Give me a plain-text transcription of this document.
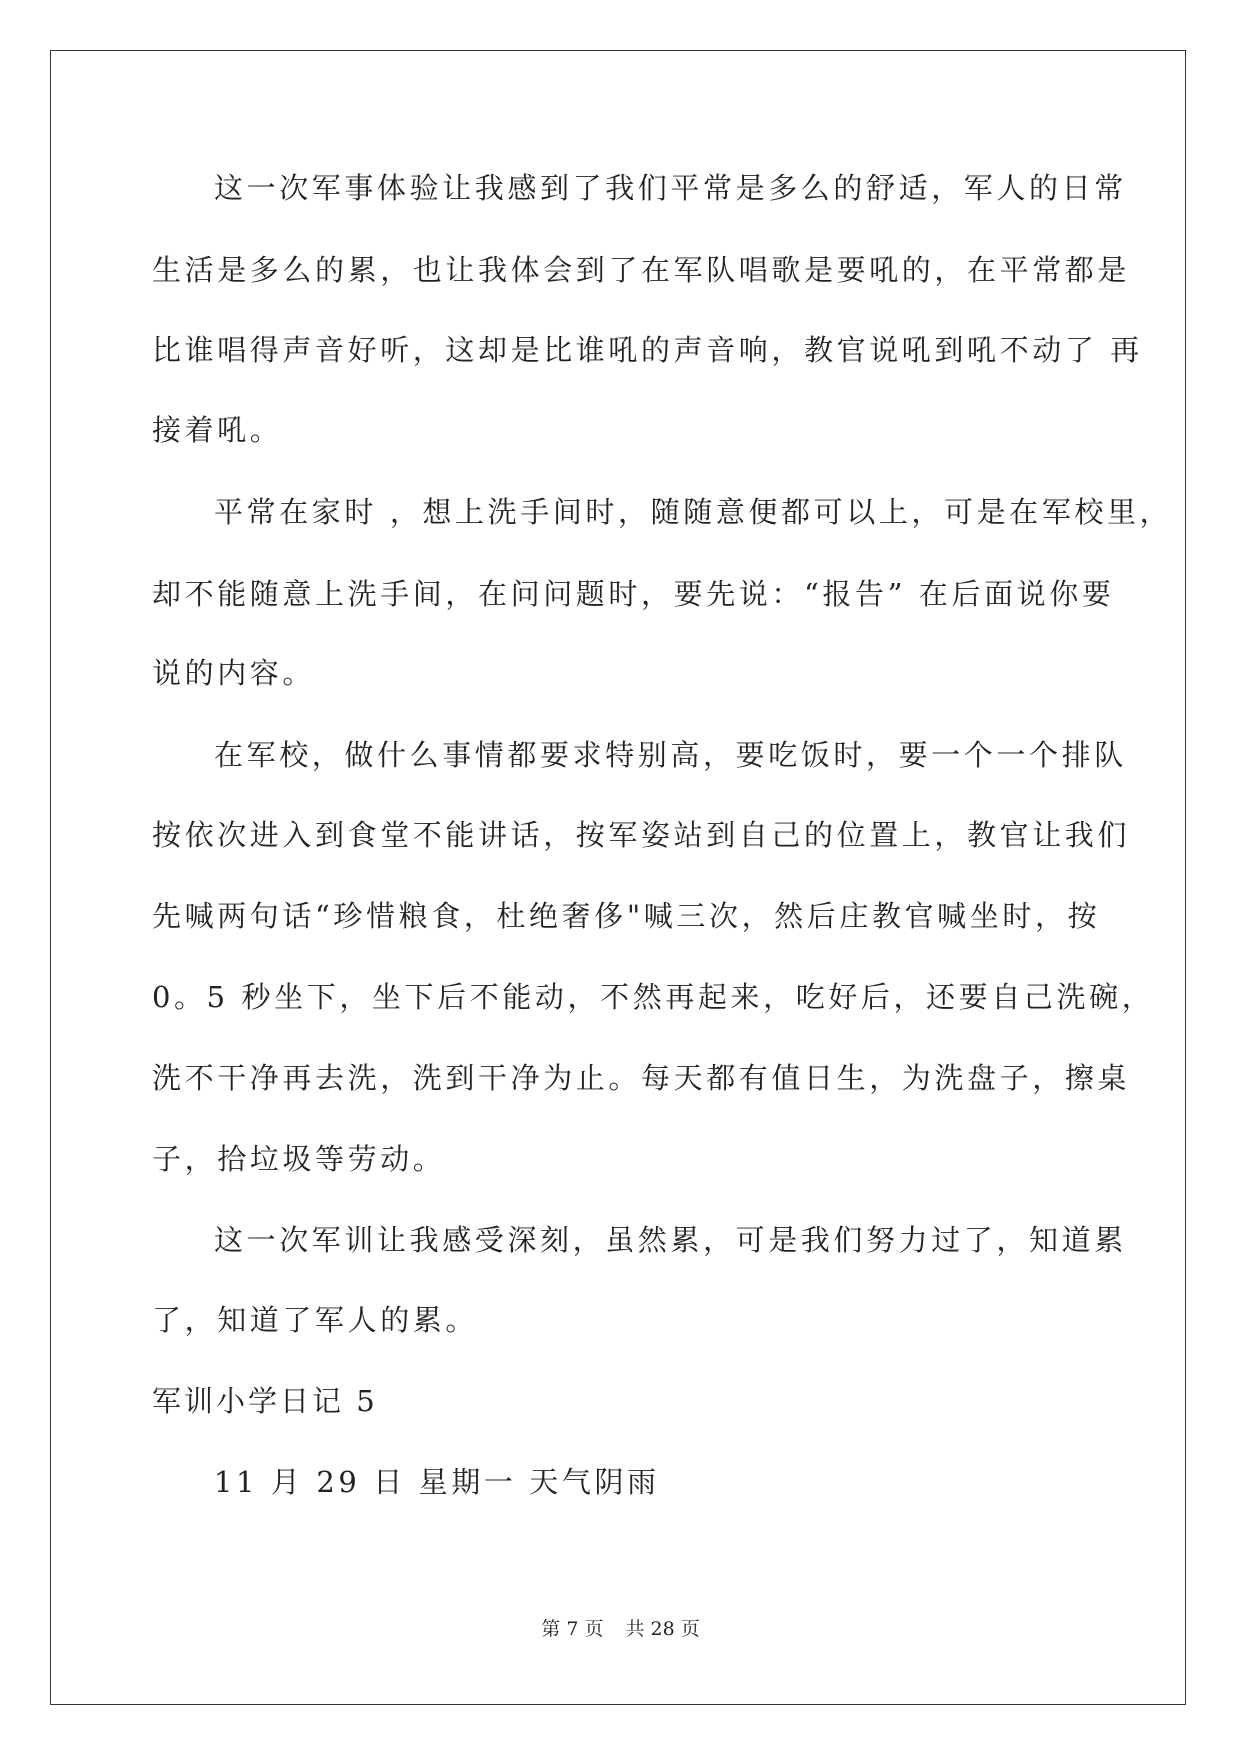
这一次军事体验让我感到了我们平常是多么的舒适，军人的日常
生活是多么的累，也让我体会到了在军队唱歌是要吼的，在平常都是
比谁唱得声音好听，这却是比谁吼的声音响，教官说吼到吼不动了 再
接着吼。
平常在家时 ，想上洗手间时，随随意便都可以上，可是在军校里，
却不能随意上洗手间，在问问题时，要先说：“报告” 在后面说你要
说的内容。
在军校，做什么事情都要求特别高，要吃饭时，要一个一个排队
按依次进入到食堂不能讲话，按军姿站到自己的位置上，教官让我们
先喊两句话“珍惜粮食，杜绝奢侈"喊三次，然后庄教官喊坐时，按
0。5 秒坐下，坐下后不能动，不然再起来，吃好后，还要自己洗碗，
洗不干净再去洗，洗到干净为止。每天都有值日生，为洗盘子，擦桌
子，拾垃圾等劳动。
这一次军训让我感受深刻，虽然累，可是我们努力过了，知道累
了，知道了军人的累。
军训小学日记 5
11 月 29 日 星期一 天气阴雨
第 7 页 共 28 页
